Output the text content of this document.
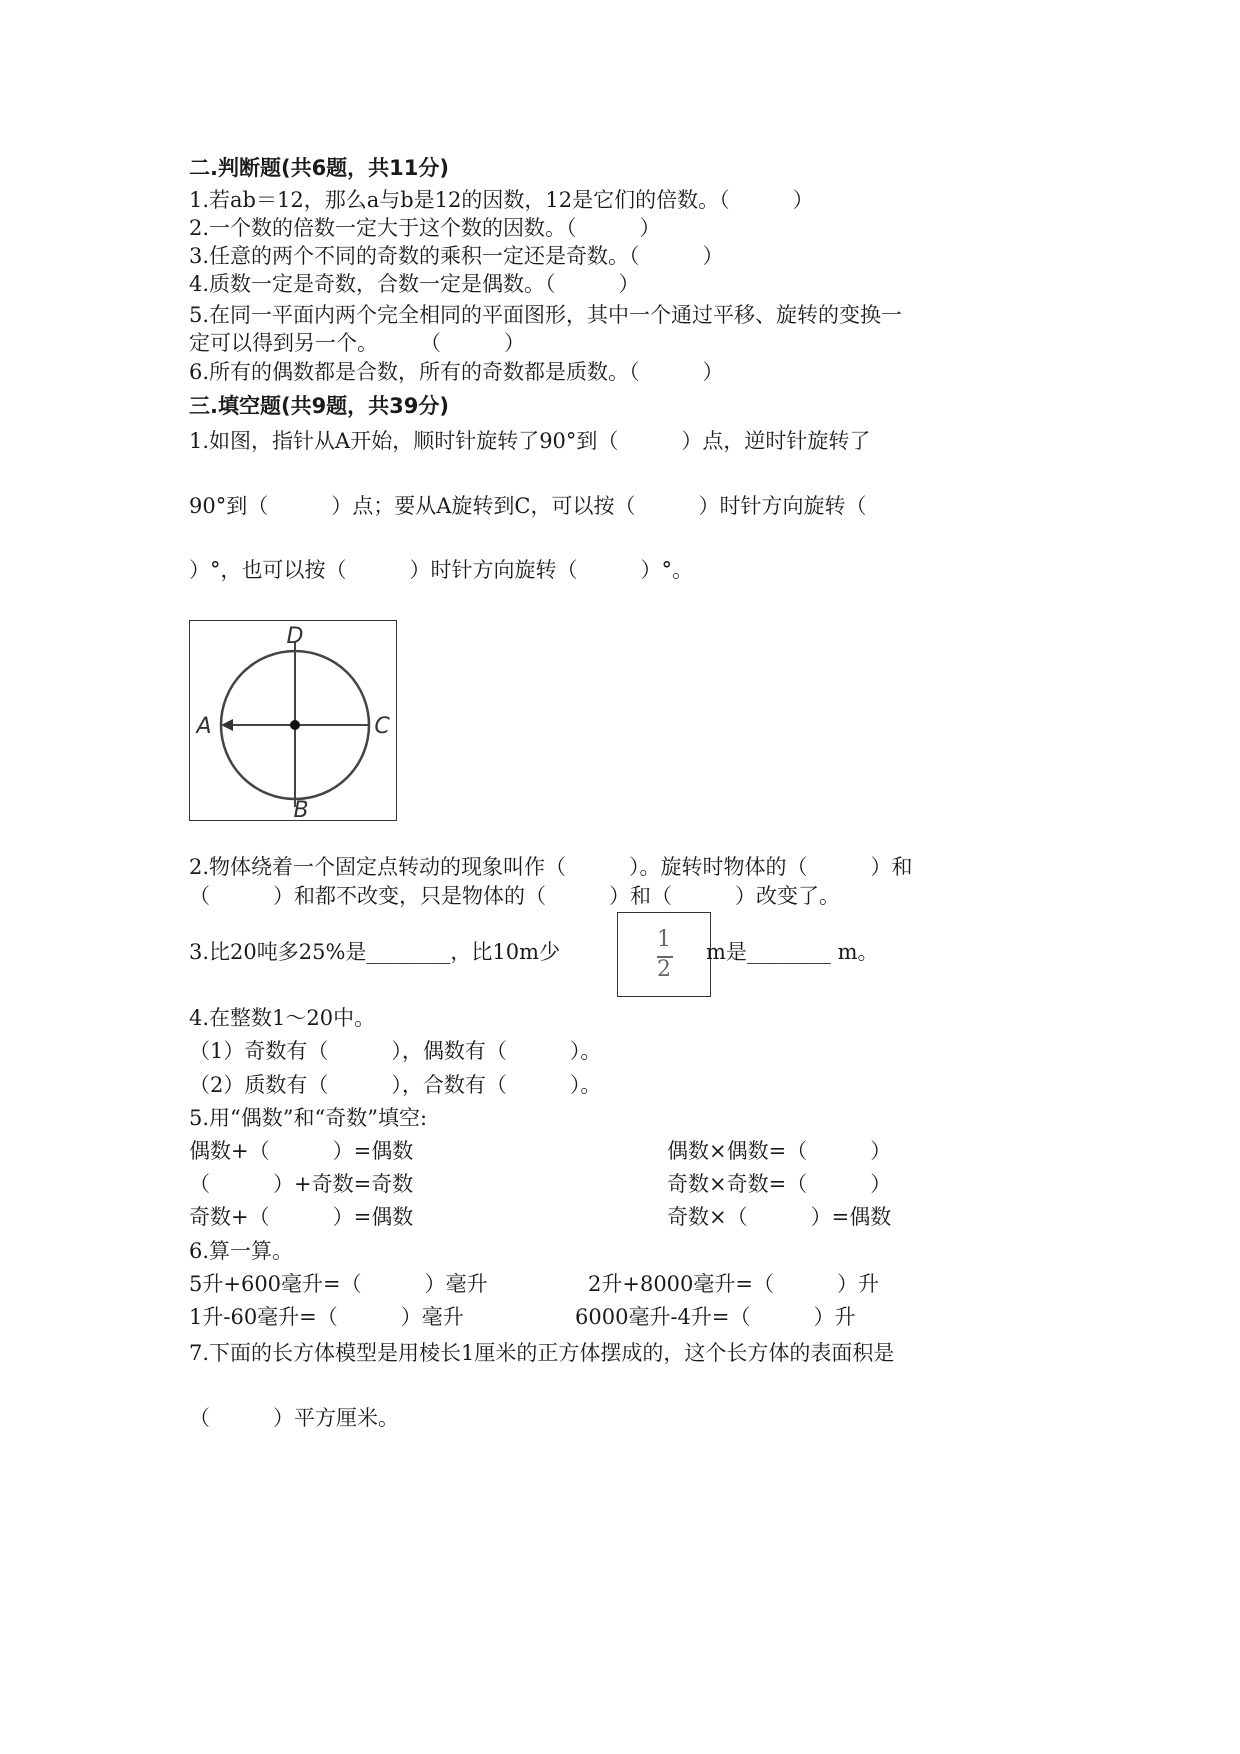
二.判断题(共6题，共11分)
1.若ab＝12，那么a与b是12的因数，12是它们的倍数。（　　　）
2.一个数的倍数一定大于这个数的因数。（　　　）
3.任意的两个不同的奇数的乘积一定还是奇数。（　　　）
4.质数一定是奇数，合数一定是偶数。（　　　）
5.在同一平面内两个完全相同的平面图形，其中一个通过平移、旋转的变换一
定可以得到另一个。　　　（　　　）
6.所有的偶数都是合数，所有的奇数都是质数。（　　　）
三.填空题(共9题，共39分)
1.如图，指针从A开始，顺时针旋转了90°到（　　　）点，逆时针旋转了
90°到（　　　）点；要从A旋转到C，可以按（　　　）时针方向旋转（
）°，也可以按（　　　）时针方向旋转（　　　）°。
D
A	C
B
2.物体绕着一个固定点转动的现象叫作（　　　）。旋转时物体的（　　　）和
（　　　）和都不改变，只是物体的（　　　）和（　　　）改变了。
3.比20吨多25%是________，比10m少	1
2
m是________ m。
4.在整数1～20中。
（1）奇数有（　　　），偶数有（　　　）。
（2）质数有（　　　），合数有（　　　）。
5.用“偶数”和“奇数”填空:
偶数+（　　　）=偶数
（　　　）+奇数=奇数
奇数+（　　　）=偶数
偶数×偶数=（　　　）
奇数×奇数=（　　　）
奇数×（　　　）=偶数
6.算一算。
5升+600毫升=（　　　）毫升
1升-60毫升=（　　　）毫升
2升+8000毫升=（　　　）升
6000毫升-4升=（　　　）升
7.下面的长方体模型是用棱长1厘米的正方体摆成的，这个长方体的表面积是
（　　　）平方厘米。
